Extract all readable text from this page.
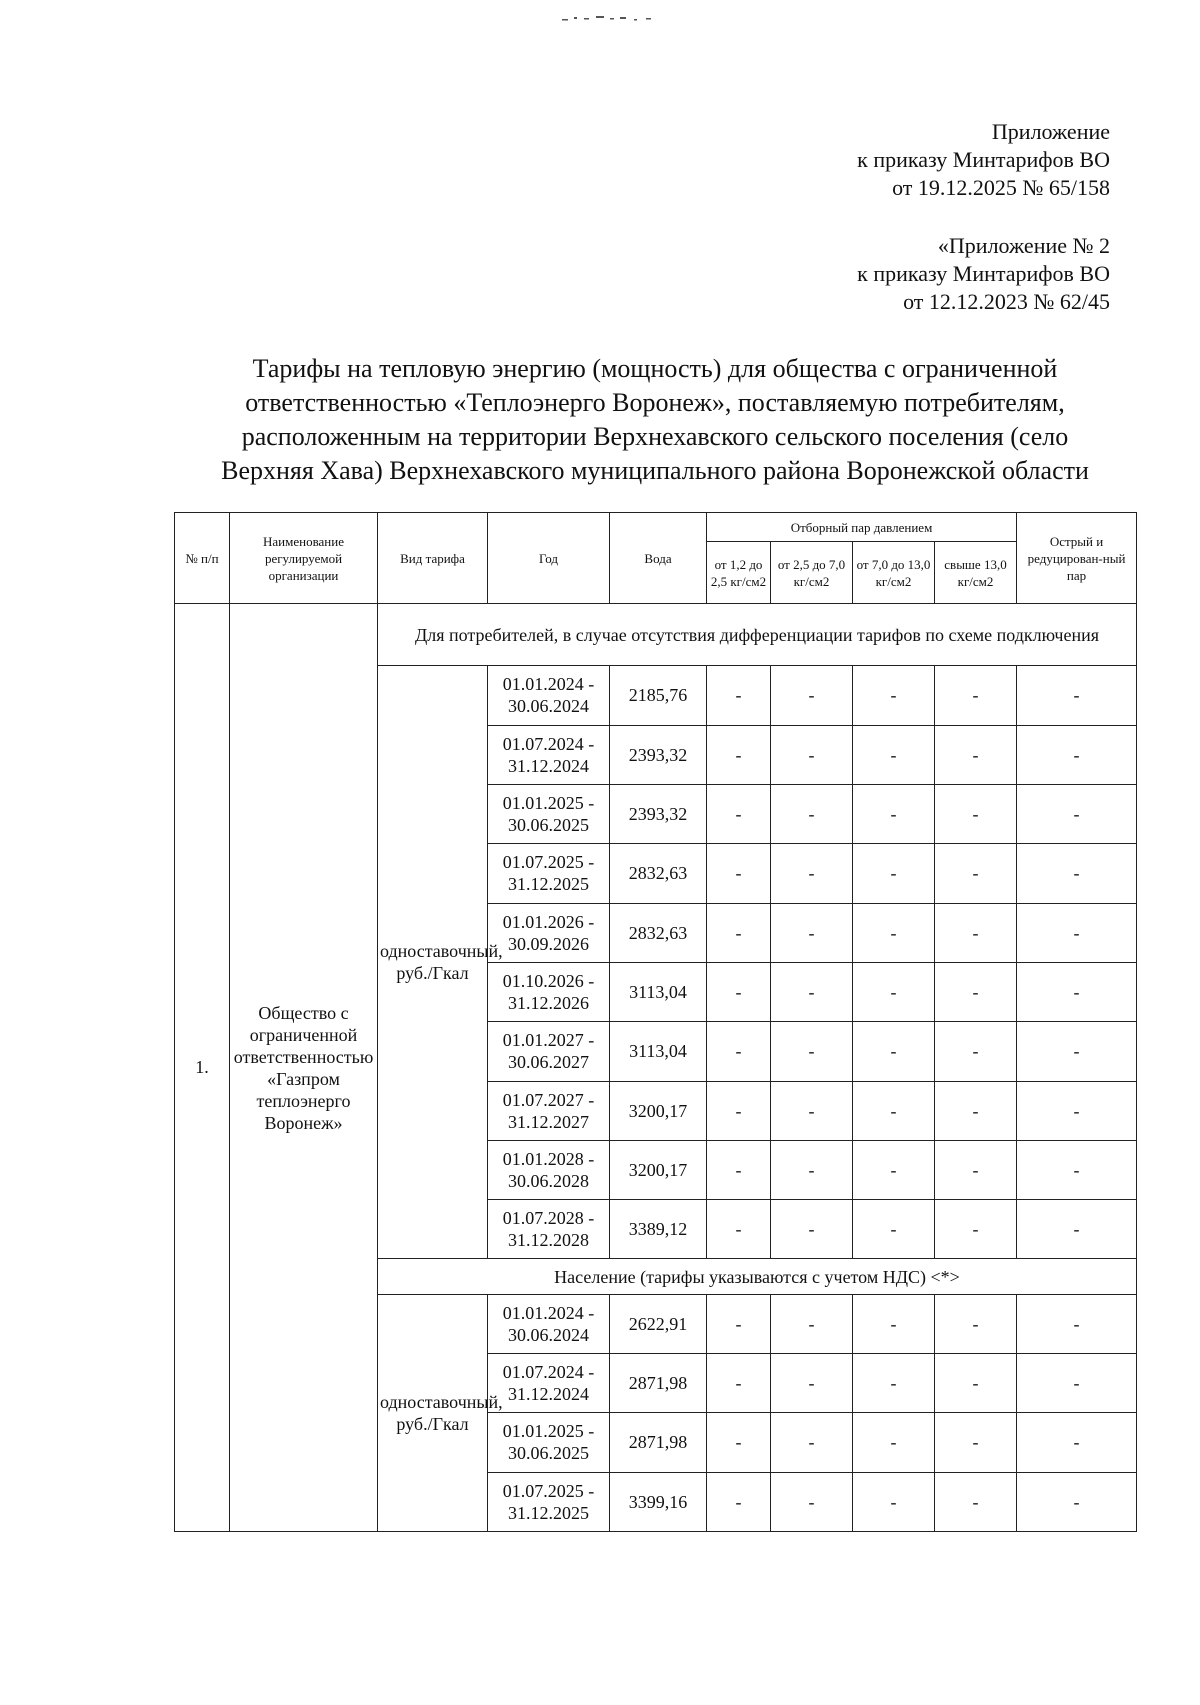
Приложение
к приказу Минтарифов ВО
от 19.12.2025 № 65/158
«Приложение № 2
к приказу Минтарифов ВО
от 12.12.2023 № 62/45
Тарифы на тепловую энергию (мощность) для общества с ограниченной
ответственностью «Теплоэнерго Воронеж», поставляемую потребителям,
расположенным на территории Верхнехавского сельского поселения (село
Верхняя Хава) Верхнехавского муниципального района Воронежской области
№ п/п	Наименование регулируемой организации	Вид тарифа	Год	Вода	Отборный пар давлением				Острый и редуцирован-ный пар
					от 1,2 до 2,5 кг/см2	от 2,5 до 7,0 кг/см2	от 7,0 до 13,0 кг/см2	свыше 13,0 кг/см2	
1.	Общество с ограниченной ответственностью «Газпром теплоэнерго Воронеж»	Для потребителей, в случае отсутствия дифференциации тарифов по схеме подключения							
		одноставочный, руб./Гкал	01.01.2024 - 30.06.2024	2185,76	-	-	-	-	-
			01.07.2024 - 31.12.2024	2393,32	-	-	-	-	-
			01.01.2025 - 30.06.2025	2393,32	-	-	-	-	-
			01.07.2025 - 31.12.2025	2832,63	-	-	-	-	-
			01.01.2026 - 30.09.2026	2832,63	-	-	-	-	-
			01.10.2026 - 31.12.2026	3113,04	-	-	-	-	-
			01.01.2027 - 30.06.2027	3113,04	-	-	-	-	-
			01.07.2027 - 31.12.2027	3200,17	-	-	-	-	-
			01.01.2028 - 30.06.2028	3200,17	-	-	-	-	-
			01.07.2028 - 31.12.2028	3389,12	-	-	-	-	-
		Население (тарифы указываются с учетом НДС) <*>							
		одноставочный, руб./Гкал	01.01.2024 - 30.06.2024	2622,91	-	-	-	-	-
			01.07.2024 - 31.12.2024	2871,98	-	-	-	-	-
			01.01.2025 - 30.06.2025	2871,98	-	-	-	-	-
			01.07.2025 - 31.12.2025	3399,16	-	-	-	-	-
